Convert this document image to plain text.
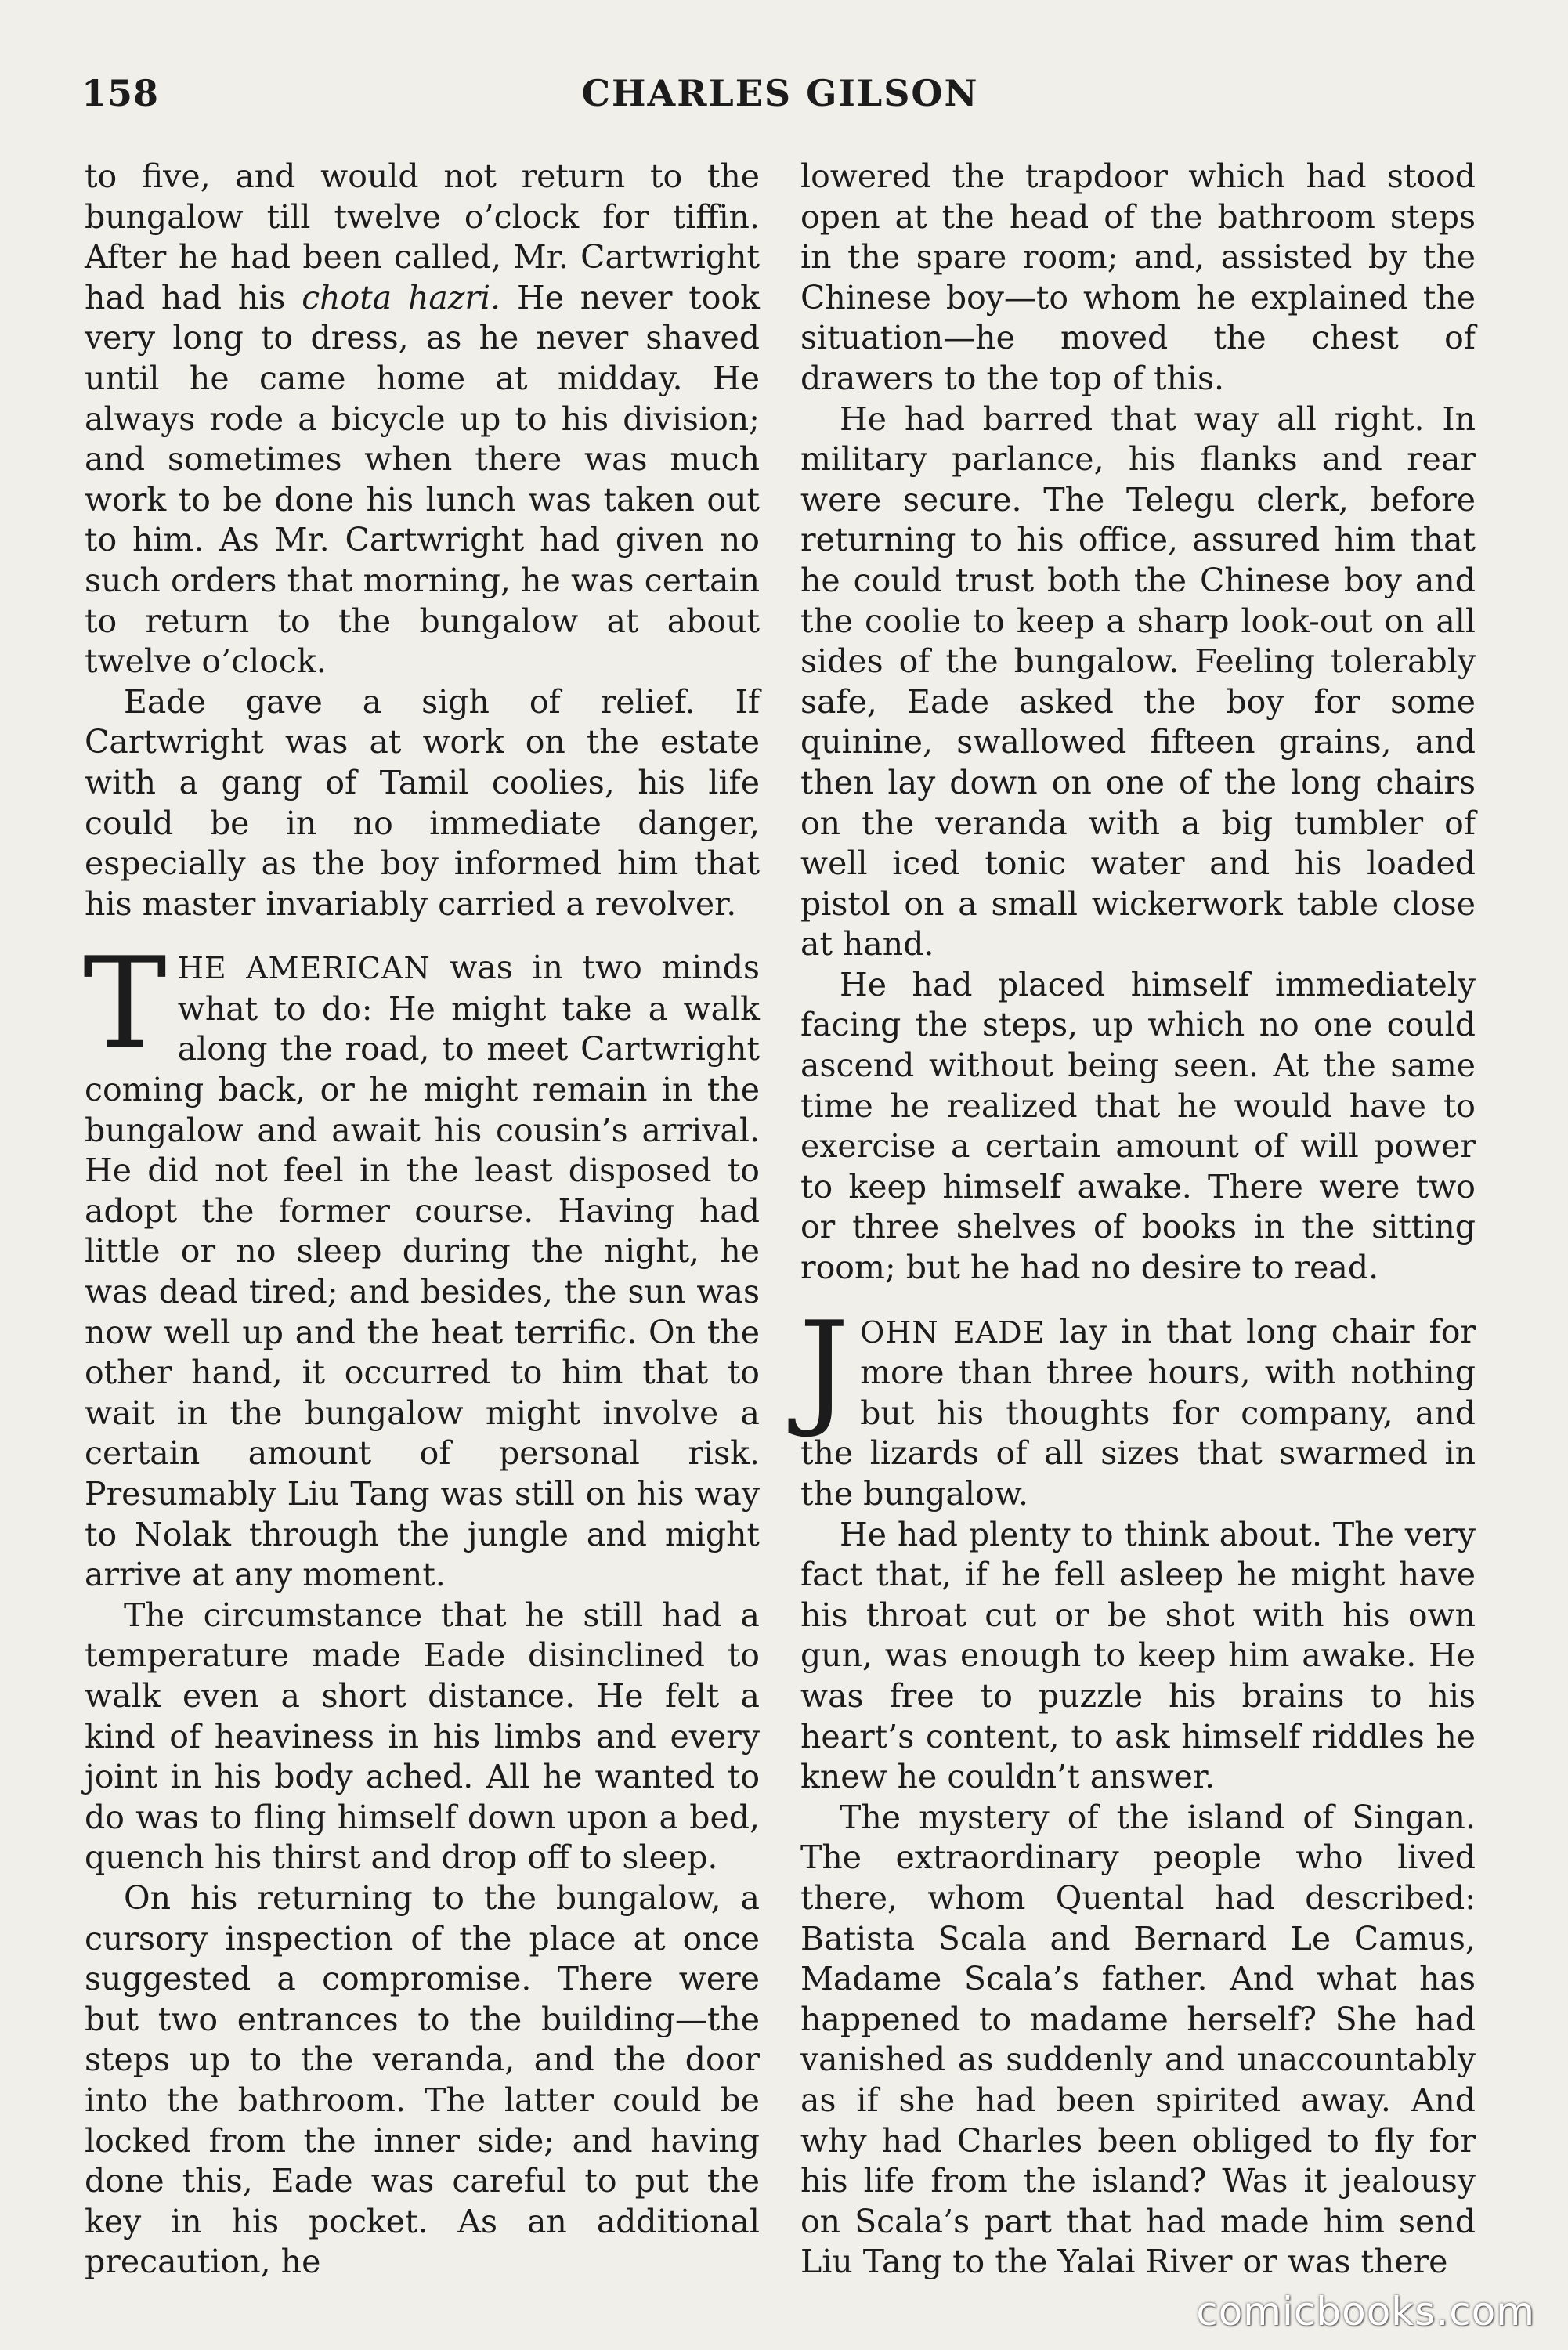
158	CHARLES GILSON

to five, and would not return to the bungalow till twelve o’clock for tiffin. After he had been called, Mr. Cartwright had had his chota hazri. He never took very long to dress, as he never shaved until he came home at midday. He always rode a bicycle up to his division; and sometimes when there was much work to be done his lunch was taken out to him. As Mr. Cartwright had given no such orders that morning, he was certain to return to the bungalow at about twelve o’clock.

Eade gave a sigh of relief. If Cartwright was at work on the estate with a gang of Tamil coolies, his life could be in no immediate danger, especially as the boy informed him that his master invariably carried a revolver.

THE AMERICAN was in two minds what to do: He might take a walk along the road, to meet Cartwright coming back, or he might remain in the bungalow and await his cousin’s arrival. He did not feel in the least disposed to adopt the former course. Having had little or no sleep during the night, he was dead tired; and besides, the sun was now well up and the heat terrific. On the other hand, it occurred to him that to wait in the bungalow might involve a certain amount of personal risk. Presumably Liu Tang was still on his way to Nolak through the jungle and might arrive at any moment.

The circumstance that he still had a temperature made Eade disinclined to walk even a short distance. He felt a kind of heaviness in his limbs and every joint in his body ached. All he wanted to do was to fling himself down upon a bed, quench his thirst and drop off to sleep.

On his returning to the bungalow, a cursory inspection of the place at once suggested a compromise. There were but two entrances to the building—the steps up to the veranda, and the door into the bathroom. The latter could be locked from the inner side; and having done this, Eade was careful to put the key in his pocket. As an additional precaution, he

lowered the trapdoor which had stood open at the head of the bathroom steps in the spare room; and, assisted by the Chinese boy—to whom he explained the situation—he moved the chest of drawers to the top of this.

He had barred that way all right. In military parlance, his flanks and rear were secure. The Telegu clerk, before returning to his office, assured him that he could trust both the Chinese boy and the coolie to keep a sharp look-out on all sides of the bungalow. Feeling tolerably safe, Eade asked the boy for some quinine, swallowed fifteen grains, and then lay down on one of the long chairs on the veranda with a big tumbler of well iced tonic water and his loaded pistol on a small wickerwork table close at hand.

He had placed himself immediately facing the steps, up which no one could ascend without being seen. At the same time he realized that he would have to exercise a certain amount of will power to keep himself awake. There were two or three shelves of books in the sitting room; but he had no desire to read.

JOHN EADE lay in that long chair for more than three hours, with nothing but his thoughts for company, and the lizards of all sizes that swarmed in the bungalow.

He had plenty to think about. The very fact that, if he fell asleep he might have his throat cut or be shot with his own gun, was enough to keep him awake. He was free to puzzle his brains to his heart’s content, to ask himself riddles he knew he couldn’t answer.

The mystery of the island of Singan. The extraordinary people who lived there, whom Quental had described: Batista Scala and Bernard Le Camus, Madame Scala’s father. And what has happened to madame herself? She had vanished as suddenly and unaccountably as if she had been spirited away. And why had Charles been obliged to fly for his life from the island? Was it jealousy on Scala’s part that had made him send Liu Tang to the Yalai River or was there

comicbooks.com
